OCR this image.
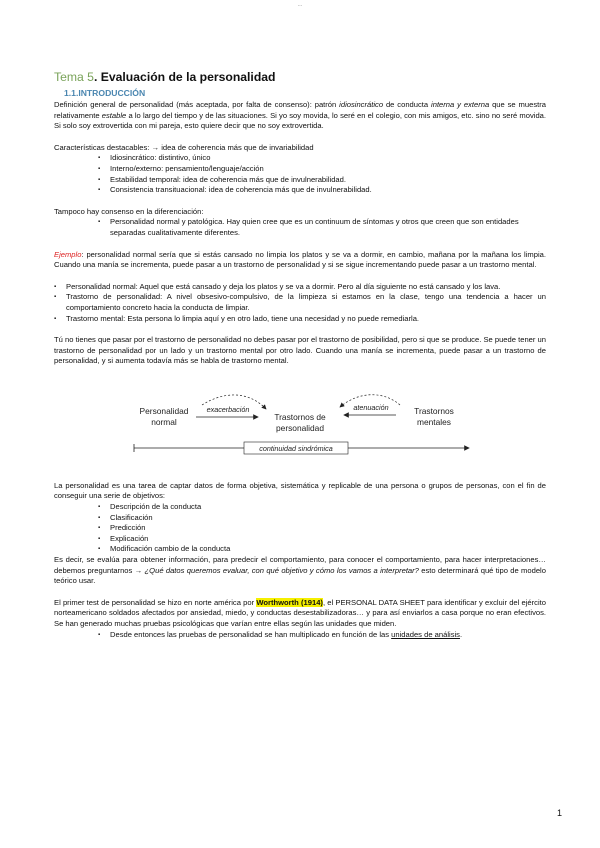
...
Tema 5. Evaluación de la personalidad
1.1.INTRODUCCIÓN

Definición general de personalidad (más aceptada, por falta de consenso): patrón idiosincrático de conducta interna y externa que se muestra relativamente estable a lo largo del tiempo y de las situaciones. Si yo soy movida, lo seré en el colegio, con mis amigos, etc. sino no seré movida. Si solo soy extrovertida con mi pareja, esto quiere decir que no soy extrovertida.

Características destacables: → idea de coherencia más que de invariabilidad

▪ Idiosincrático: distintivo, único
▪ Interno/externo: pensamiento/lenguaje/acción
▪ Estabilidad temporal: idea de coherencia más que de invulnerabilidad.
▪ Consistencia transituacional: idea de coherencia más que de invulnerabilidad.

Tampoco hay consenso en la diferenciación:

▪ Personalidad normal y patológica. Hay quien cree que es un continuum de síntomas y otros que creen que son entidades separadas cualitativamente diferentes.

Ejemplo: personalidad normal sería que si estás cansado no limpia los platos y se va a dormir, en cambio, mañana por la mañana los limpia. Cuando una manía se incrementa, puede pasar a un trastorno de personalidad y si se sigue incrementando puede pasar a un trastorno mental.

▪ Personalidad normal: Aquel que está cansado y deja los platos y se va a dormir. Pero al día siguiente no está cansado y los lava.
▪ Trastorno de personalidad: A nivel obsesivo-compulsivo, de la limpieza si estamos en la clase, tengo una tendencia a hacer un comportamiento concreto hacia la conducta de limpiar.
▪ Trastorno mental: Esta persona lo limpia aquí y en otro lado, tiene una necesidad y no puede remediarla.

Tú no tienes que pasar por el trastorno de personalidad no debes pasar por el trastorno de posibilidad, pero si que se produce. Se puede tener un trastorno de personalidad por un lado y un trastorno mental por otro lado. Cuando una manía se incrementa, puede pasar a un trastorno de personalidad, y si aumenta todavía más se habla de trastorno mental.

Personalidad
normal	Trastornos de
personalidad
Trastornos
mentales
exacerbación	atenuación
continuidad sindrómica

La personalidad es una tarea de captar datos de forma objetiva, sistemática y replicable de una persona o grupos de personas, con el fin de conseguir una serie de objetivos:

▪ Descripción de la conducta
▪ Clasificación
▪ Predicción
▪ Explicación
▪ Modificación cambio de la conducta

Es decir, se evalúa para obtener información, para predecir el comportamiento, para conocer el comportamiento, para hacer interpretaciones… debemos preguntarnos → ¿Qué datos queremos evaluar, con qué objetivo y cómo los vamos a interpretar? esto determinará qué tipo de modelo teórico usar.

El primer test de personalidad se hizo en norte américa por Worthworth (1914), el PERSONAL DATA SHEET para identificar y excluir del ejército norteamericano soldados afectados por ansiedad, miedo, y conductas desestabilizadoras… y para así enviarlos a casa porque no eran efectivos. Se han generado muchas pruebas psicológicas que varían entre ellas según las unidades que miden.

▪ Desde entonces las pruebas de personalidad se han multiplicado en función de las unidades de análisis.
1
